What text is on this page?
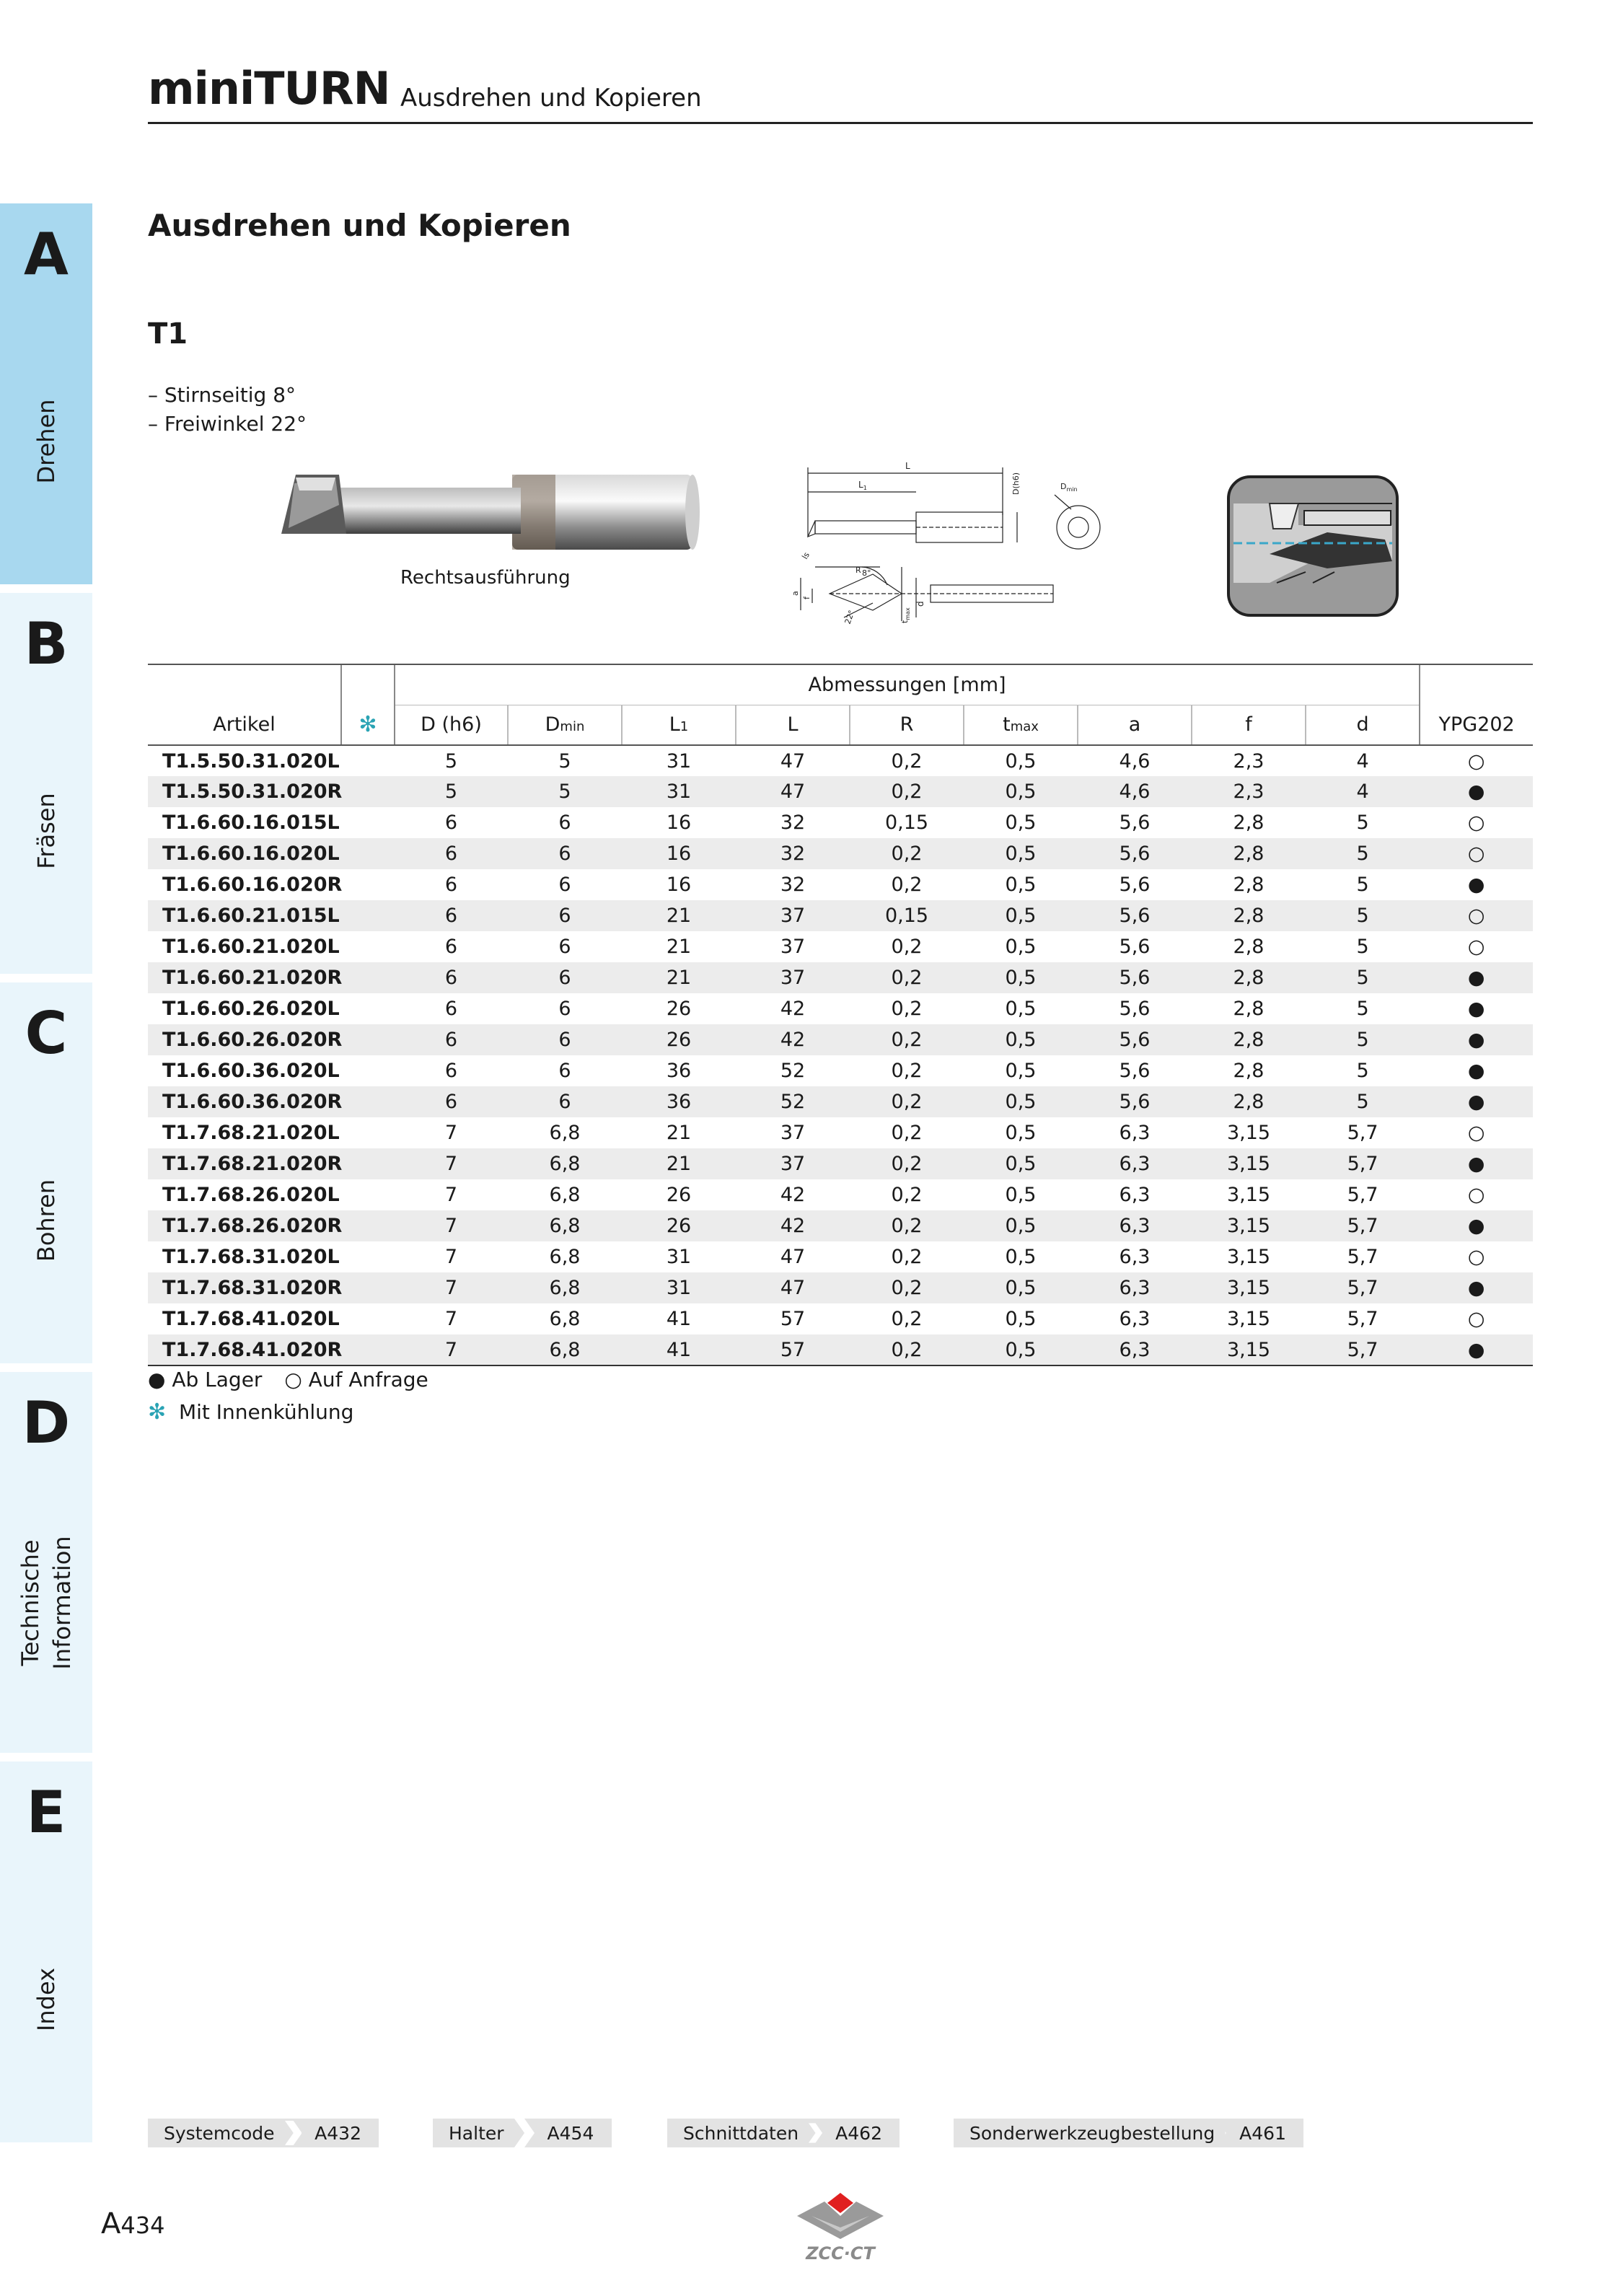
miniTURN Ausdrehen und Kopieren
A
Drehen
B
Fräsen
C
Bohren
D
Technische Information
E
Index
Ausdrehen und Kopieren
T1
– Stirnseitig 8°
– Freiwinkel 22°
Rechtsausführung
L
$L_1$	D(h6)	$D_{min}$
ls
8°
22°
a
f
R
d
$t_{max}$
		Abmessungen [mm]									
Artikel	✻	D (h6)	Dmin	L1	L	R	tmax	a	f	d	YPG202
T1.5.50.31.020L		5	5	31	47	0,2	0,5	4,6	2,3	4	○
T1.5.50.31.020R		5	5	31	47	0,2	0,5	4,6	2,3	4	●
T1.6.60.16.015L		6	6	16	32	0,15	0,5	5,6	2,8	5	○
T1.6.60.16.020L		6	6	16	32	0,2	0,5	5,6	2,8	5	○
T1.6.60.16.020R		6	6	16	32	0,2	0,5	5,6	2,8	5	●
T1.6.60.21.015L		6	6	21	37	0,15	0,5	5,6	2,8	5	○
T1.6.60.21.020L		6	6	21	37	0,2	0,5	5,6	2,8	5	○
T1.6.60.21.020R		6	6	21	37	0,2	0,5	5,6	2,8	5	●
T1.6.60.26.020L		6	6	26	42	0,2	0,5	5,6	2,8	5	●
T1.6.60.26.020R		6	6	26	42	0,2	0,5	5,6	2,8	5	●
T1.6.60.36.020L		6	6	36	52	0,2	0,5	5,6	2,8	5	●
T1.6.60.36.020R		6	6	36	52	0,2	0,5	5,6	2,8	5	●
T1.7.68.21.020L		7	6,8	21	37	0,2	0,5	6,3	3,15	5,7	○
T1.7.68.21.020R		7	6,8	21	37	0,2	0,5	6,3	3,15	5,7	●
T1.7.68.26.020L		7	6,8	26	42	0,2	0,5	6,3	3,15	5,7	○
T1.7.68.26.020R		7	6,8	26	42	0,2	0,5	6,3	3,15	5,7	●
T1.7.68.31.020L		7	6,8	31	47	0,2	0,5	6,3	3,15	5,7	○
T1.7.68.31.020R		7	6,8	31	47	0,2	0,5	6,3	3,15	5,7	●
T1.7.68.41.020L		7	6,8	41	57	0,2	0,5	6,3	3,15	5,7	○
T1.7.68.41.020R		7	6,8	41	57	0,2	0,5	6,3	3,15	5,7	●
● Ab Lager ○ Auf Anfrage
✻ Mit Innenkühlung
Systemcode	A432	Halter	A454	Schnittdaten	A462	Sonderwerkzeugbestellung	A461
A434
ZCC·CT
